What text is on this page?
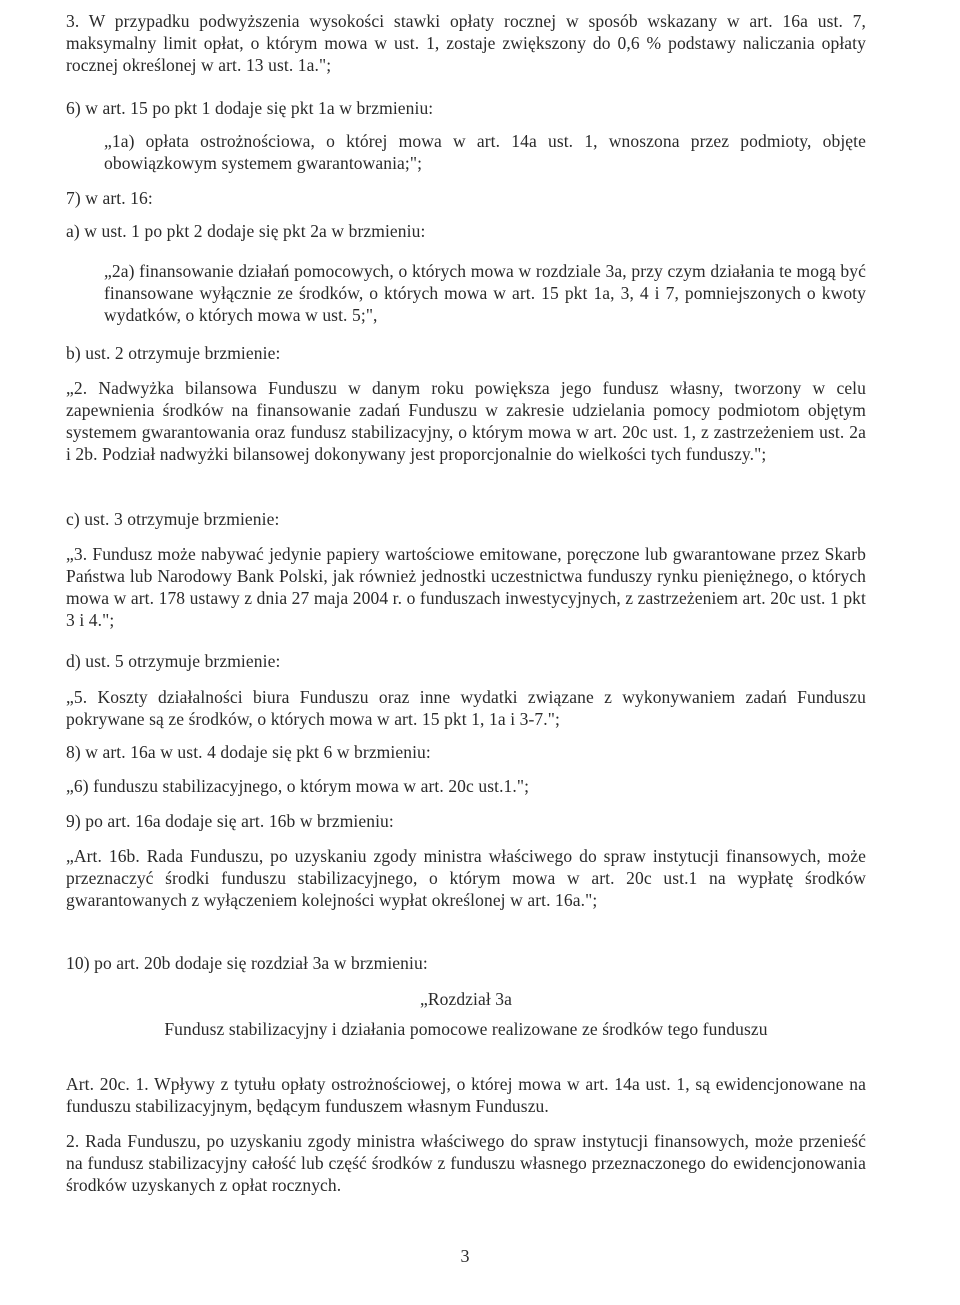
3. W przypadku podwyższenia wysokości stawki opłaty rocznej w sposób wskazany w art. 16a ust. 7, maksymalny limit opłat, o którym mowa w ust. 1, zostaje zwiększony do 0,6 % podstawy naliczania opłaty rocznej określonej w art. 13 ust. 1a.";

6) w art. 15 po pkt 1 dodaje się pkt 1a w brzmieniu:

„1a) opłata ostrożnościowa, o której mowa w art. 14a ust. 1, wnoszona przez podmioty, objęte obowiązkowym systemem gwarantowania;";

7) w art. 16:

a) w ust. 1 po pkt 2 dodaje się pkt 2a w brzmieniu:

„2a) finansowanie działań pomocowych, o których mowa w rozdziale 3a, przy czym działania te mogą być finansowane wyłącznie ze środków, o których mowa w art. 15 pkt 1a, 3, 4 i 7, pomniejszonych o kwoty wydatków, o których mowa w ust. 5;",

b) ust. 2 otrzymuje brzmienie:

„2. Nadwyżka bilansowa Funduszu w danym roku powiększa jego fundusz własny, tworzony w celu zapewnienia środków na finansowanie zadań Funduszu w zakresie udzielania pomocy podmiotom objętym systemem gwarantowania oraz fundusz stabilizacyjny, o którym mowa w art. 20c ust. 1, z zastrzeżeniem ust. 2a i 2b. Podział nadwyżki bilansowej dokonywany jest proporcjonalnie do wielkości tych funduszy.";

c) ust. 3 otrzymuje brzmienie:

„3. Fundusz może nabywać jedynie papiery wartościowe emitowane, poręczone lub gwarantowane przez Skarb Państwa lub Narodowy Bank Polski, jak również jednostki uczestnictwa funduszy rynku pieniężnego, o których mowa w art. 178 ustawy z dnia 27 maja 2004 r. o funduszach inwestycyjnych, z zastrzeżeniem art. 20c ust. 1 pkt 3 i 4.";

d) ust. 5 otrzymuje brzmienie:

„5. Koszty działalności biura Funduszu oraz inne wydatki związane z wykonywaniem zadań Funduszu pokrywane są ze środków, o których mowa w art. 15 pkt 1, 1a i 3-7.";

8) w art. 16a w ust. 4 dodaje się pkt 6 w brzmieniu:

„6) funduszu stabilizacyjnego, o którym mowa w art. 20c ust.1.";

9) po art. 16a dodaje się art. 16b w brzmieniu:

„Art. 16b. Rada Funduszu, po uzyskaniu zgody ministra właściwego do spraw instytucji finansowych, może przeznaczyć środki funduszu stabilizacyjnego, o którym mowa w art. 20c ust.1 na wypłatę środków gwarantowanych z wyłączeniem kolejności wypłat określonej w art. 16a.";

10) po art. 20b dodaje się rozdział 3a w brzmieniu:

„Rozdział 3a

Fundusz stabilizacyjny i działania pomocowe realizowane ze środków tego funduszu

Art. 20c. 1. Wpływy z tytułu opłaty ostrożnościowej, o której mowa w art. 14a ust. 1, są ewidencjonowane na funduszu stabilizacyjnym, będącym funduszem własnym Funduszu.

2. Rada Funduszu, po uzyskaniu zgody ministra właściwego do spraw instytucji finansowych, może przenieść na fundusz stabilizacyjny całość lub część środków z funduszu własnego przeznaczonego do ewidencjonowania środków uzyskanych z opłat rocznych.

3
